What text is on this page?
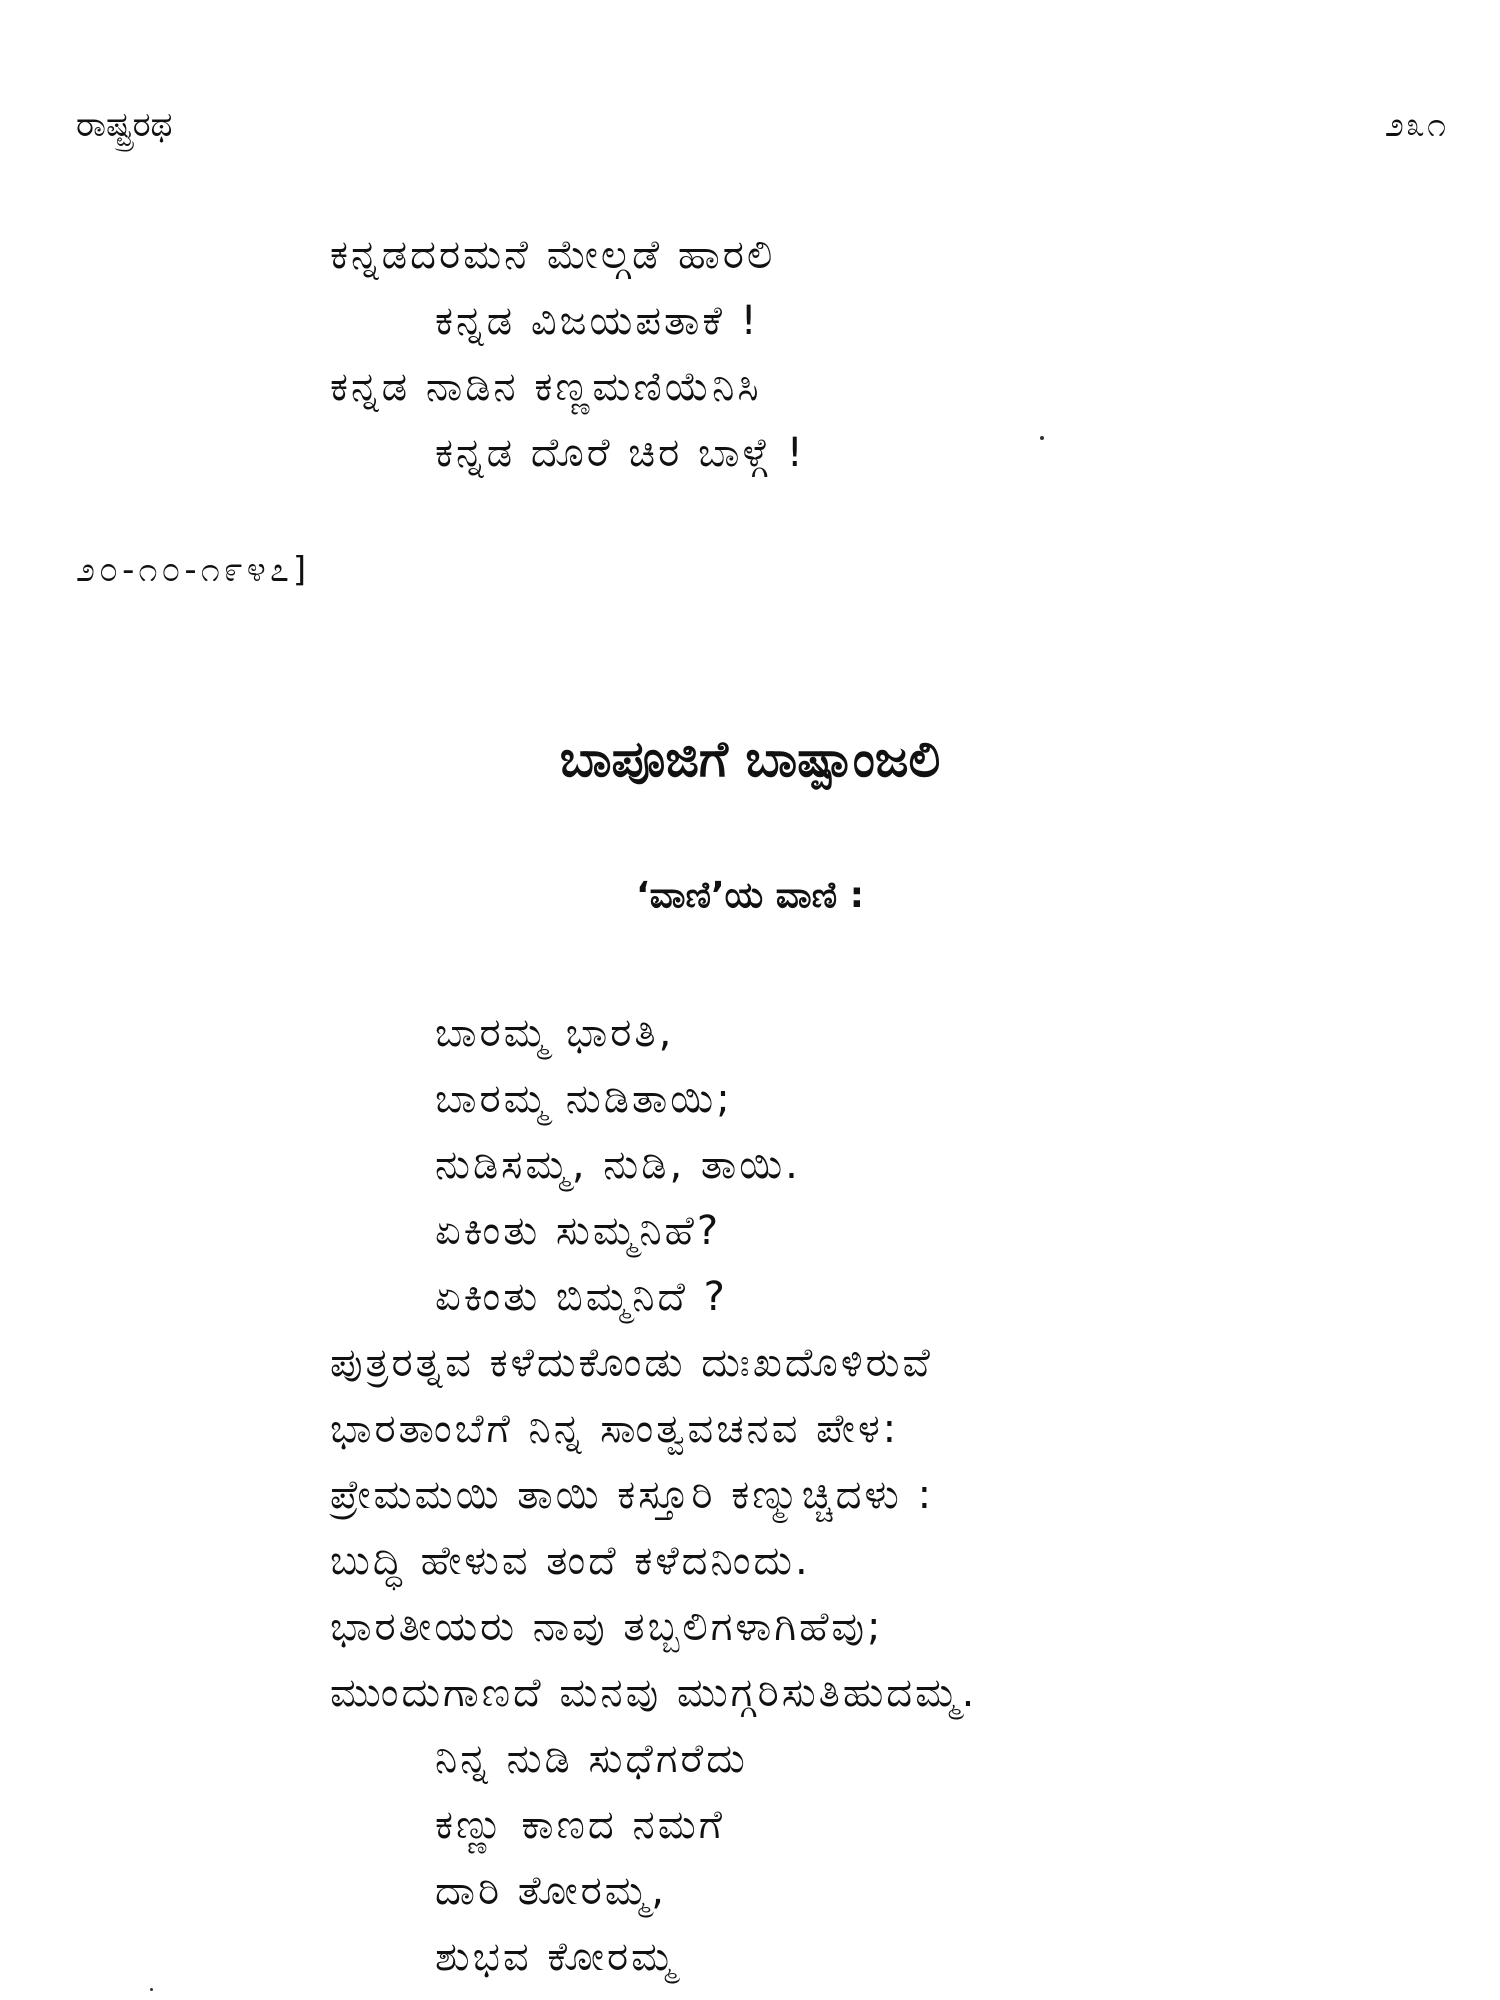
ರಾಷ್ಟ್ರರಥ	೨೩೧
ಕನ್ನಡದರಮನೆ ಮೇಲ್ಗಡೆ ಹಾರಲಿ
ಕನ್ನಡ ವಿಜಯಪತಾಕೆ !
ಕನ್ನಡ ನಾಡಿನ ಕಣ್ಣಮಣಿಯೆನಿಸಿ
ಕನ್ನಡ ದೊರೆ ಚಿರ ಬಾಳ್ಗೆ !
೨೦-೧೦-೧೯೪೭]
ಬಾಪೂಜಿಗೆ ಬಾಷ್ಪಾಂಜಲಿ
‘ವಾಣಿ’ಯ ವಾಣಿ :
ಬಾರಮ್ಮ ಭಾರತಿ,
ಬಾರಮ್ಮ ನುಡಿತಾಯಿ;
ನುಡಿಸಮ್ಮ, ನುಡಿ, ತಾಯಿ.
ಏಕಿಂತು ಸುಮ್ಮನಿಹೆ?
ಏಕಿಂತು ಬಿಮ್ಮನಿದೆ ?
ಪುತ್ರರತ್ನವ ಕಳೆದುಕೊಂಡು ದುಃಖದೊಳಿರುವೆ
ಭಾರತಾಂಬೆಗೆ ನಿನ್ನ ಸಾಂತ್ವವಚನವ ಪೇಳ:
ಪ್ರೇಮಮಯಿ ತಾಯಿ ಕಸ್ತೂರಿ ಕಣ್ಮುಚ್ಚಿದಳು :
ಬುದ್ಧಿ ಹೇಳುವ ತಂದೆ ಕಳೆದನಿಂದು.
ಭಾರತೀಯರು ನಾವು ತಬ್ಬಲಿಗಳಾಗಿಹೆವು;
ಮುಂದುಗಾಣದೆ ಮನವು ಮುಗ್ಗರಿಸುತಿಹುದಮ್ಮ.
ನಿನ್ನ ನುಡಿ ಸುಧೆಗರೆದು
ಕಣ್ಣು ಕಾಣದ ನಮಗೆ
ದಾರಿ ತೋರಮ್ಮ,
ಶುಭವ ಕೋರಮ್ಮ
